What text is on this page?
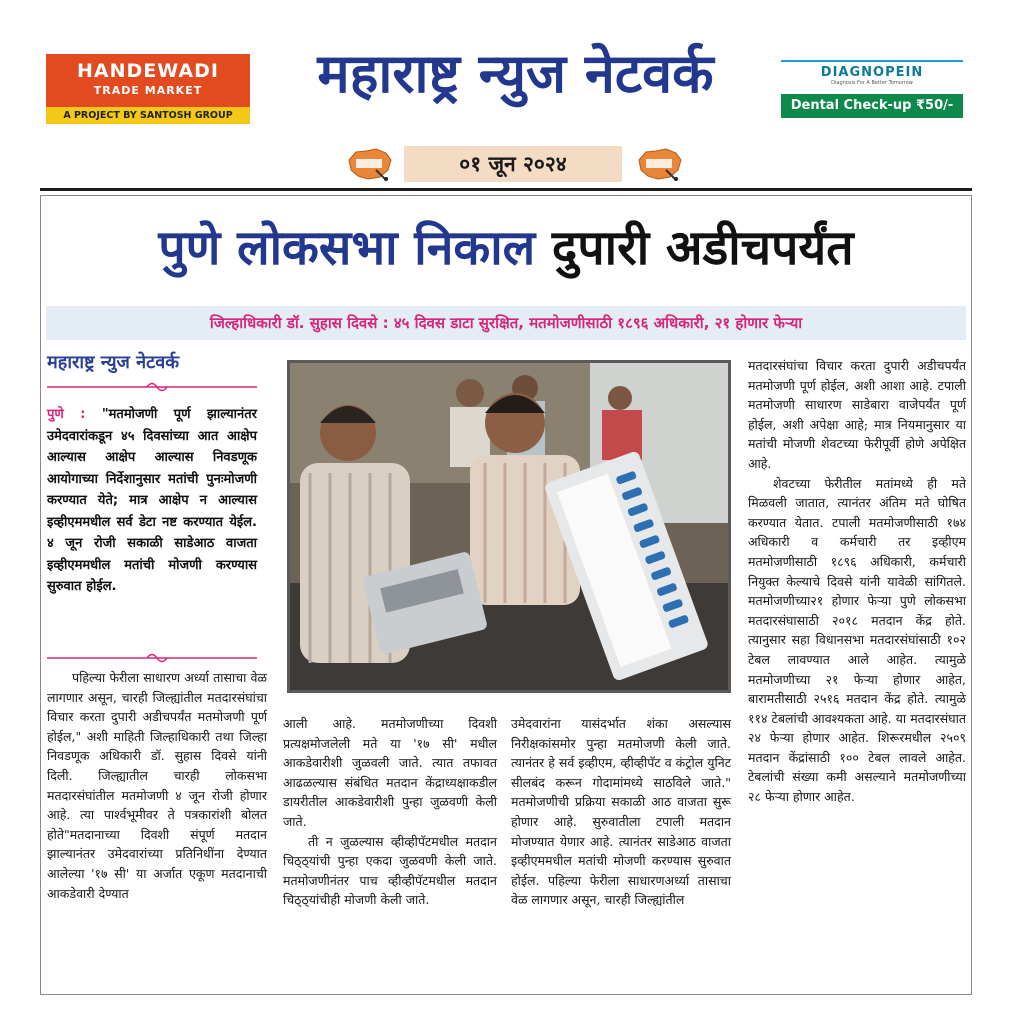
HANDEWADI
TRADE MARKET
A PROJECT BY SANTOSH GROUP
महाराष्ट्र न्युज नेटवर्क	DIAGNOPEIN
Diagnosis For A Better Tomorrow
Dental Check-up ₹50/-
०१ जून २०२४
पुणे लोकसभा निकाल दुपारी अडीचपर्यंत
जिल्हाधिकारी डॉ. सुहास दिवसे : ४५ दिवस डाटा सुरक्षित, मतमोजणीसाठी १८९६ अधिकारी, २१ होणार फेऱ्या
महाराष्ट्र न्युज नेटवर्क
पुणे : "मतमोजणी पूर्ण झाल्यानंतर उमेदवारांकडून ४५ दिवसांच्या आत आक्षेप आल्यास आक्षेप आल्यास निवडणूक आयोगाच्या निर्देशानुसार मतांची पुनःमोजणी करण्यात येते; मात्र आक्षेप न आल्यास इव्हीएममधील सर्व डेटा नष्ट करण्यात येईल. ४ जून रोजी सकाळी साडेआठ वाजता इव्हीएममधील मतांची मोजणी करण्यास सुरुवात होईल.

पहिल्या फेरीला साधारण अर्ध्या तासाचा वेळ लागणार असून, चारही जिल्ह्यांतील मतदारसंघांचा विचार करता दुपारी अडीचपर्यंत मतमोजणी पूर्ण होईल," अशी माहिती जिल्हाधिकारी तथा जिल्हा निवडणूक अधिकारी डॉ. सुहास दिवसे यांनी दिली. जिल्ह्यातील चारही लोकसभा मतदारसंघांतील मतमोजणी ४ जून रोजी होणार आहे. त्या पार्श्वभूमीवर ते पत्रकारांशी बोलत होते"मतदानाच्या दिवशी संपूर्ण मतदान झाल्यानंतर उमेदवारांच्या प्रतिनिधींना देण्यात आलेल्या '१७ सी' या अर्जात एकूण मतदानाची आकडेवारी देण्यात

आली आहे. मतमोजणीच्या दिवशी प्रत्यक्षमोजलेली मते या '१७ सी' मधील आकडेवारीशी जुळवली जाते. त्यात तफावत आढळल्यास संबंधित मतदान केंद्राध्यक्षाकडील डायरीतील आकडेवारीशी पुन्हा जुळवणी केली जाते.

ती न जुळल्यास व्हीव्हीपॅटमधील मतदान चिठ्ठ्यांची पुन्हा एकदा जुळवणी केली जाते. मतमोजणीनंतर पाच व्हीव्हीपॅटमधील मतदान चिठ्ठ्यांचीही मोजणी केली जाते.

उमेदवारांना यासंदर्भात शंका असल्यास निरीक्षकांसमोर पुन्हा मतमोजणी केली जाते. त्यानंतर हे सर्व इव्हीएम, व्हीव्हीपॅट व कंट्रोल युनिट सीलबंद करून गोदामांमध्ये साठविले जाते." मतमोजणीची प्रक्रिया सकाळी आठ वाजता सुरू होणार आहे. सुरुवातीला टपाली मतदान मोजण्यात येणार आहे. त्यानंतर साडेआठ वाजता इव्हीएममधील मतांची मोजणी करण्यास सुरुवात होईल. पहिल्या फेरीला साधारणअर्ध्या तासाचा वेळ लागणार असून, चारही जिल्ह्यांतील

मतदारसंघांचा विचार करता दुपारी अडीचपर्यंत मतमोजणी पूर्ण होईल, अशी आशा आहे. टपाली मतमोजणी साधारण साडेबारा वाजेपर्यंत पूर्ण होईल, अशी अपेक्षा आहे; मात्र नियमानुसार या मतांची मोजणी शेवटच्या फेरीपूर्वी होणे अपेक्षित आहे.

शेवटच्या फेरीतील मतांमध्ये ही मते मिळवली जातात, त्यानंतर अंतिम मते घोषित करण्यात येतात. टपाली मतमोजणीसाठी १७४ अधिकारी व कर्मचारी तर इव्हीएम मतमोजणीसाठी १८९६ अधिकारी, कर्मचारी नियुक्त केल्याचे दिवसे यांनी यावेळी सांगितले. मतमोजणीच्या२१ होणार फेऱ्या पुणे लोकसभा मतदारसंघासाठी २०१८ मतदान केंद्र होते. त्यानुसार सहा विधानसभा मतदारसंघांसाठी १०२ टेबल लावण्यात आले आहेत. त्यामुळे मतमोजणीच्या २१ फेऱ्या होणार आहेत, बारामतीसाठी २५१६ मतदान केंद्र होते. त्यामुळे ११४ टेबलांची आवश्यकता आहे. या मतदारसंघात २४ फेऱ्या होणार आहेत. शिरूरमधील २५०९ मतदान केंद्रांसाठी १०० टेबल लावले आहेत. टेबलांची संख्या कमी असल्याने मतमोजणीच्या २८ फेऱ्या होणार आहेत.
